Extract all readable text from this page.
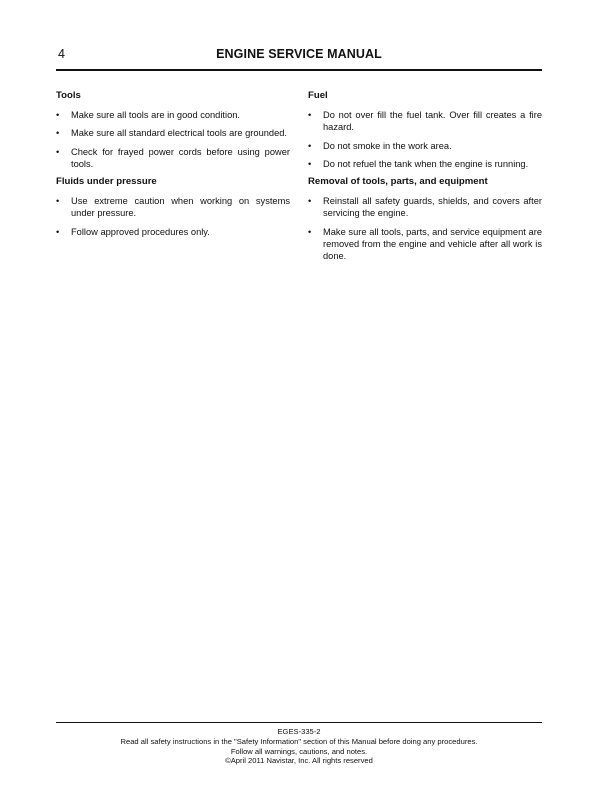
4	ENGINE SERVICE MANUAL
Tools
• Make sure all tools are in good condition.
• Make sure all standard electrical tools are grounded.
• Check for frayed power cords before using power tools.
Fluids under pressure
• Use extreme caution when working on systems under pressure.
• Follow approved procedures only.
Fuel
• Do not over fill the fuel tank. Over fill creates a fire hazard.
• Do not smoke in the work area.
• Do not refuel the tank when the engine is running.
Removal of tools, parts, and equipment
• Reinstall all safety guards, shields, and covers after servicing the engine.
• Make sure all tools, parts, and service equipment are removed from the engine and vehicle after all work is done.
EGES-335-2
Read all safety instructions in the "Safety Information" section of this Manual before doing any procedures.
Follow all warnings, cautions, and notes.
©April 2011 Navistar, Inc. All rights reserved
